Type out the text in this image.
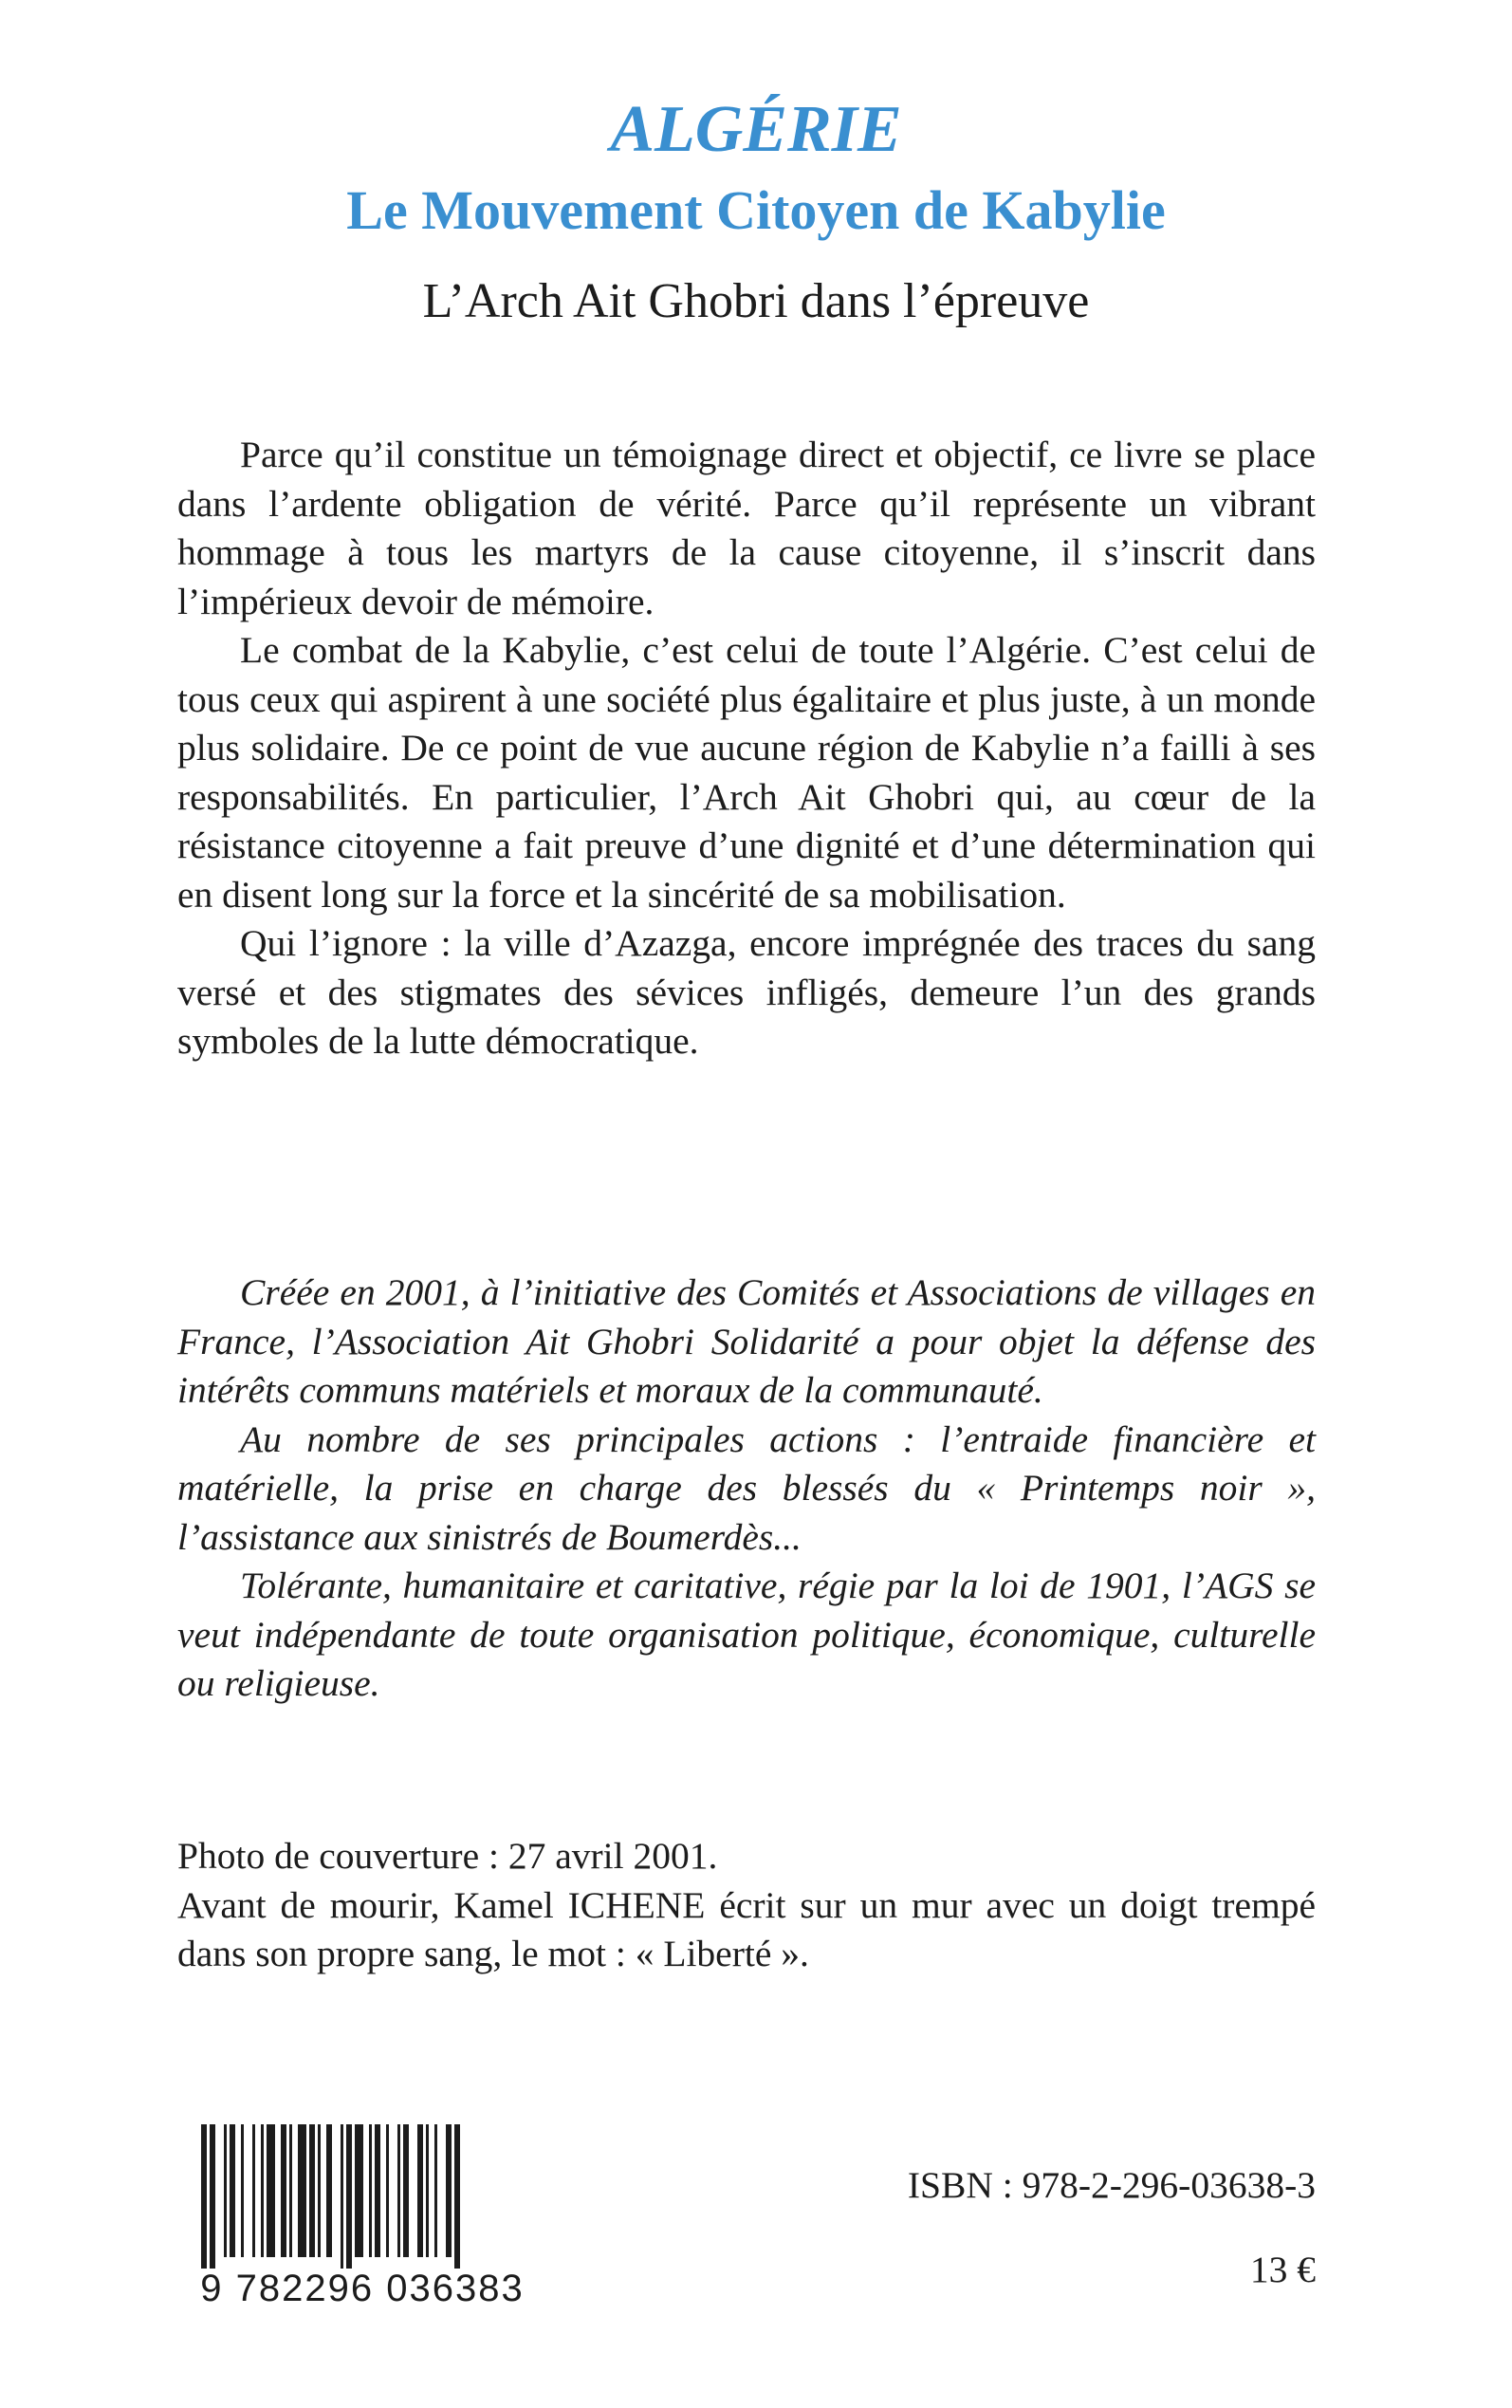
ALGÉRIE
Le Mouvement Citoyen de Kabylie
L’Arch Ait Ghobri dans l’épreuve

Parce qu’il constitue un témoignage direct et objectif, ce livre se place dans l’ardente obligation de vérité. Parce qu’il représente un vibrant hommage à tous les martyrs de la cause citoyenne, il s’inscrit dans l’impérieux devoir de mémoire.

Le combat de la Kabylie, c’est celui de toute l’Algérie. C’est celui de tous ceux qui aspirent à une société plus égalitaire et plus juste, à un monde plus solidaire. De ce point de vue aucune région de Kabylie n’a failli à ses responsabilités. En particulier, l’Arch Ait Ghobri qui, au cœur de la résistance citoyenne a fait preuve d’une dignité et d’une détermination qui en disent long sur la force et la sincérité de sa mobilisation.

Qui l’ignore : la ville d’Azazga, encore imprégnée des traces du sang versé et des stigmates des sévices infligés, demeure l’un des grands symboles de la lutte démocratique.

Créée en 2001, à l’initiative des Comités et Associations de villages en France, l’Association Ait Ghobri Solidarité a pour objet la défense des intérêts communs matériels et moraux de la communauté.

Au nombre de ses principales actions : l’entraide financière et matérielle, la prise en charge des blessés du « Printemps noir », l’assistance aux sinistrés de Boumerdès...

Tolérante, humanitaire et caritative, régie par la loi de 1901, l’AGS se veut indépendante de toute organisation politique, économique, culturelle ou religieuse.

Photo de couverture : 27 avril 2001.

Avant de mourir, Kamel ICHENE écrit sur un mur avec un doigt trempé dans son propre sang, le mot : « Liberté ».

9 782296 036383
ISBN : 978-2-296-03638-3
13 €
